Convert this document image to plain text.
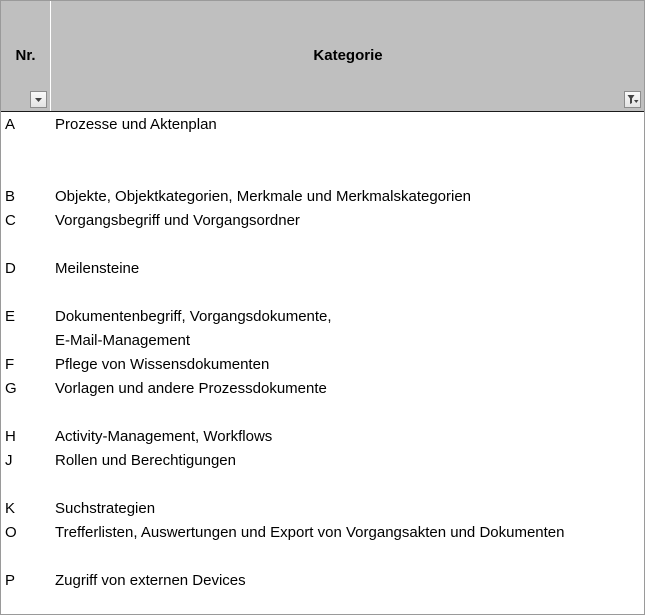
Nr.	Kategorie
A	Prozesse und Aktenplan
B	Objekte, Objektkategorien, Merkmale und Merkmalskategorien
C	Vorgangsbegriff und Vorgangsordner
D	Meilensteine
E	Dokumentenbegriff, Vorgangsdokumente,
E-Mail-Management
F	Pflege von Wissensdokumenten
G	Vorlagen und andere Prozessdokumente
H	Activity-Management, Workflows
J	Rollen und Berechtigungen
K	Suchstrategien
O	Trefferlisten, Auswertungen und Export von Vorgangsakten und Dokumenten
P	Zugriff von externen Devices
